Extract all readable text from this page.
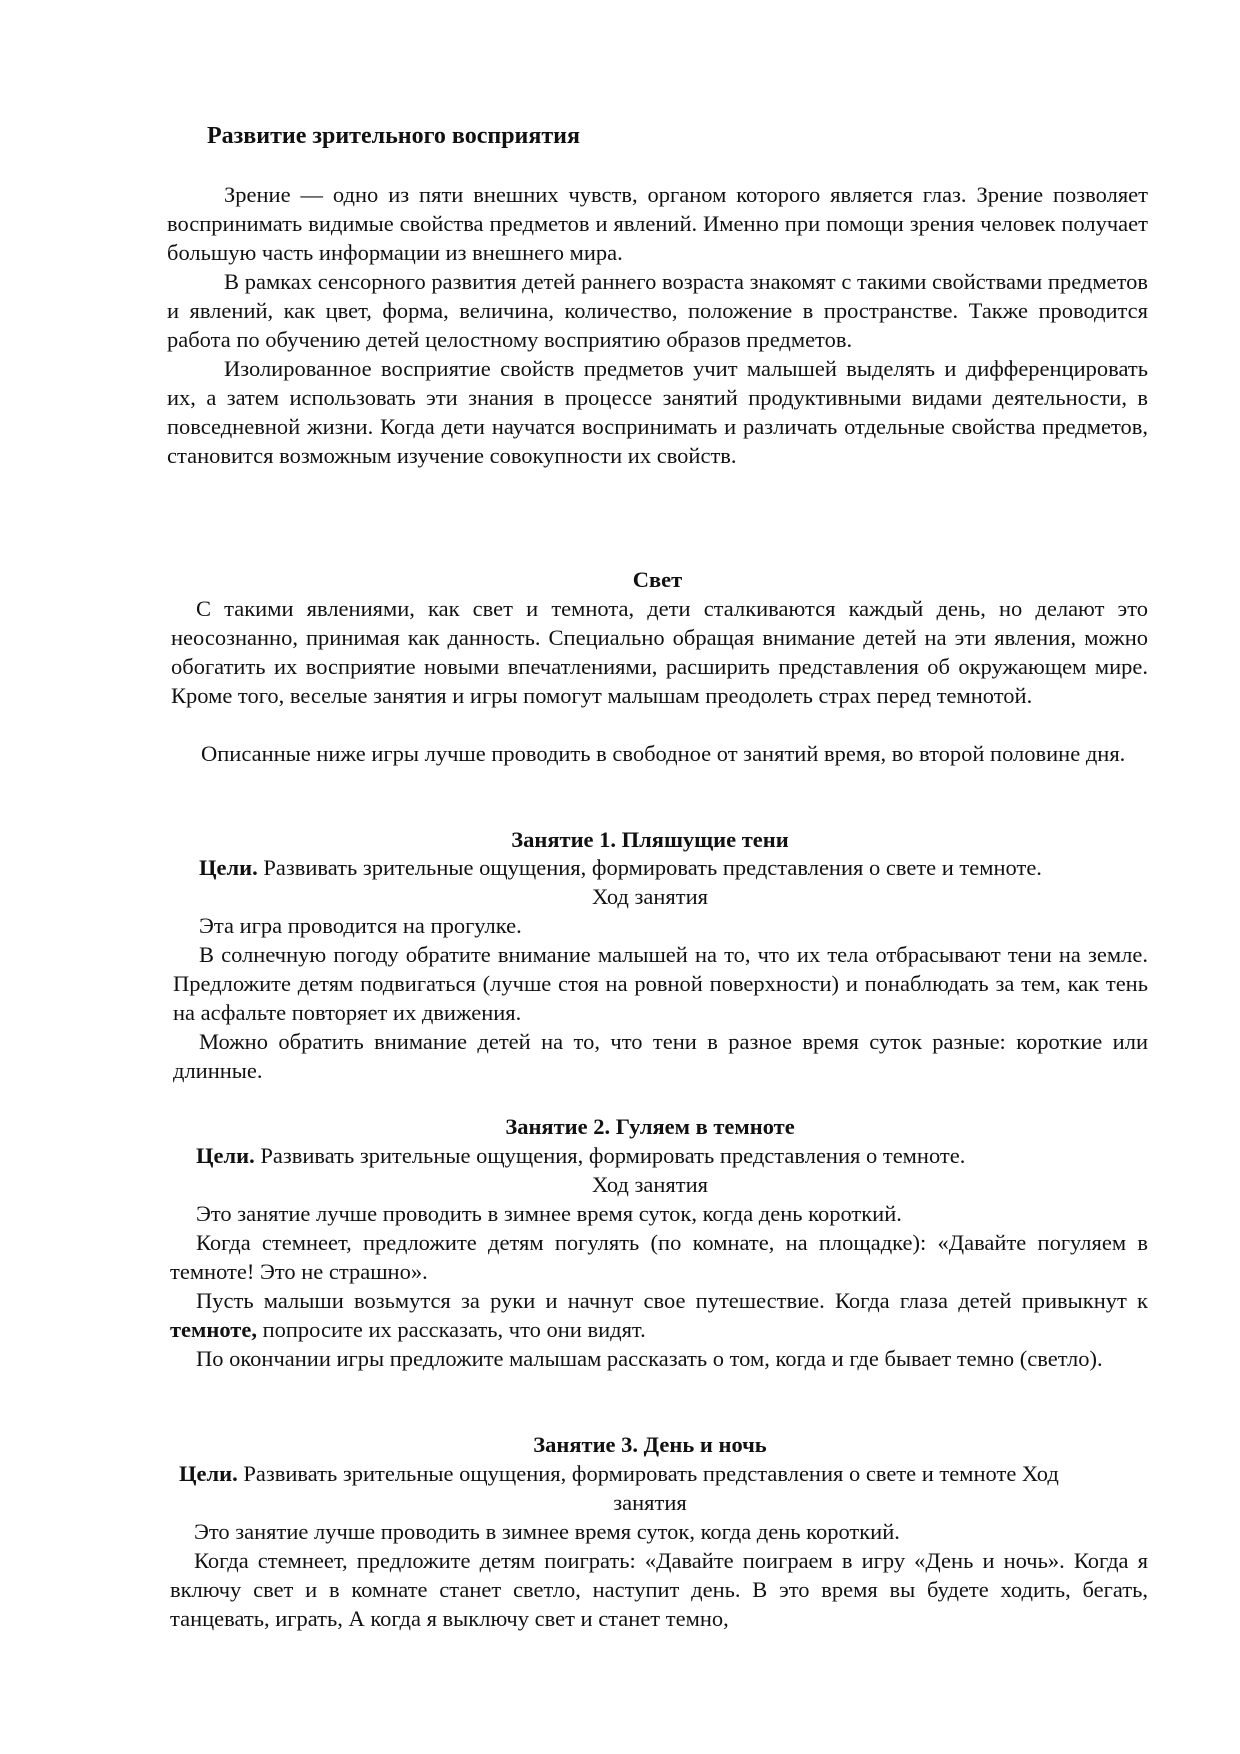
Развитие зрительного восприятия

Зрение — одно из пяти внешних чувств, органом которого является глаз. Зрение позволяет воспринимать видимые свойства предметов и явлений. Именно при помощи зрения человек получает большую часть информации из внешнего мира.

В рамках сенсорного развития детей раннего возраста знакомят с такими свойствами предметов и явлений, как цвет, форма, величина, количество, положение в пространстве. Также проводится работа по обучению детей целостному восприятию образов предметов.

Изолированное восприятие свойств предметов учит малышей выделять и дифференцировать их, а затем использовать эти знания в процессе занятий продуктивными видами деятельности, в повседневной жизни. Когда дети научатся воспринимать и различать отдельные свойства предметов, становится возможным изучение совокупности их свойств.

Свет

С такими явлениями, как свет и темнота, дети сталкиваются каждый день, но делают это неосознанно, принимая как данность. Специально обращая внимание детей на эти явления, можно обогатить их восприятие новыми впечатлениями, расширить представления об окружающем мире. Кроме того, веселые занятия и игры помогут малышам преодолеть страх перед темнотой.

Описанные ниже игры лучше проводить в свободное от занятий время, во второй половине дня.

Занятие 1. Пляшущие тени

Цели. Развивать зрительные ощущения, формировать представления о свете и темноте.

Ход занятия

Эта игра проводится на прогулке.

В солнечную погоду обратите внимание малышей на то, что их тела отбрасывают тени на земле. Предложите детям подвигаться (лучше стоя на ровной поверхности) и понаблюдать за тем, как тень на асфальте повторяет их движения.

Можно обратить внимание детей на то, что тени в разное время суток разные: короткие или длинные.

Занятие 2. Гуляем в темноте

Цели. Развивать зрительные ощущения, формировать представления о темноте.

Ход занятия

Это занятие лучше проводить в зимнее время суток, когда день короткий.

Когда стемнеет, предложите детям погулять (по комнате, на площадке): «Давайте погуляем в темноте! Это не страшно».

Пусть малыши возьмутся за руки и начнут свое путешествие. Когда глаза детей привыкнут к темноте, попросите их рассказать, что они видят.

По окончании игры предложите малышам рассказать о том, когда и где бывает темно (светло).

Занятие 3. День и ночь

Цели. Развивать зрительные ощущения, формировать представления о свете и темноте Ход

занятия

Это занятие лучше проводить в зимнее время суток, когда день короткий.

Когда стемнеет, предложите детям поиграть: «Давайте поиграем в игру «День и ночь». Когда я включу свет и в комнате станет светло, наступит день. В это время вы будете ходить, бегать, танцевать, играть, А когда я выключу свет и станет темно,
